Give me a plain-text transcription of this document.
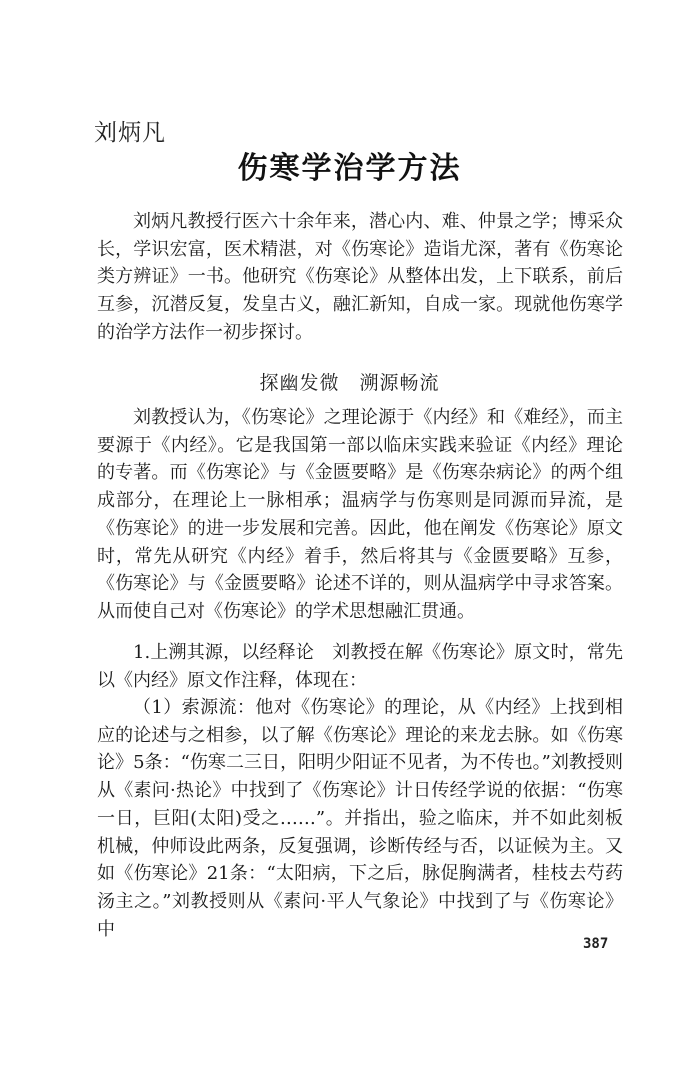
刘炳凡
伤寒学治学方法

刘炳凡教授行医六十余年来，潜心内、难、仲景之学；博采众长，学识宏富，医术精湛，对《伤寒论》造诣尤深，著有《伤寒论类方辨证》一书。他研究《伤寒论》从整体出发，上下联系，前后互参，沉潜反复，发皇古义，融汇新知，自成一家。现就他伤寒学的治学方法作一初步探讨。

探幽发微　溯源畅流

刘教授认为，《伤寒论》之理论源于《内经》和《难经》，而主要源于《内经》。它是我国第一部以临床实践来验证《内经》理论的专著。而《伤寒论》与《金匮要略》是《伤寒杂病论》的两个组成部分，在理论上一脉相承；温病学与伤寒则是同源而异流，是《伤寒论》的进一步发展和完善。因此，他在阐发《伤寒论》原文时，常先从研究《内经》着手，然后将其与《金匮要略》互参，《伤寒论》与《金匮要略》论述不详的，则从温病学中寻求答案。从而使自己对《伤寒论》的学术思想融汇贯通。

1.上溯其源，以经释论　刘教授在解《伤寒论》原文时，常先以《内经》原文作注释，体现在：

（1）索源流：他对《伤寒论》的理论，从《内经》上找到相应的论述与之相参，以了解《伤寒论》理论的来龙去脉。如《伤寒论》5条：“伤寒二三日，阳明少阳证不见者，为不传也。”刘教授则从《素问·热论》中找到了《伤寒论》计日传经学说的依据：“伤寒一日，巨阳(太阳)受之……”。并指出，验之临床，并不如此刻板机械，仲师设此两条，反复强调，诊断传经与否，以证候为主。又如《伤寒论》21条：“太阳病，下之后，脉促胸满者，桂枝去芍药汤主之。”刘教授则从《素问·平人气象论》中找到了与《伤寒论》中

387
